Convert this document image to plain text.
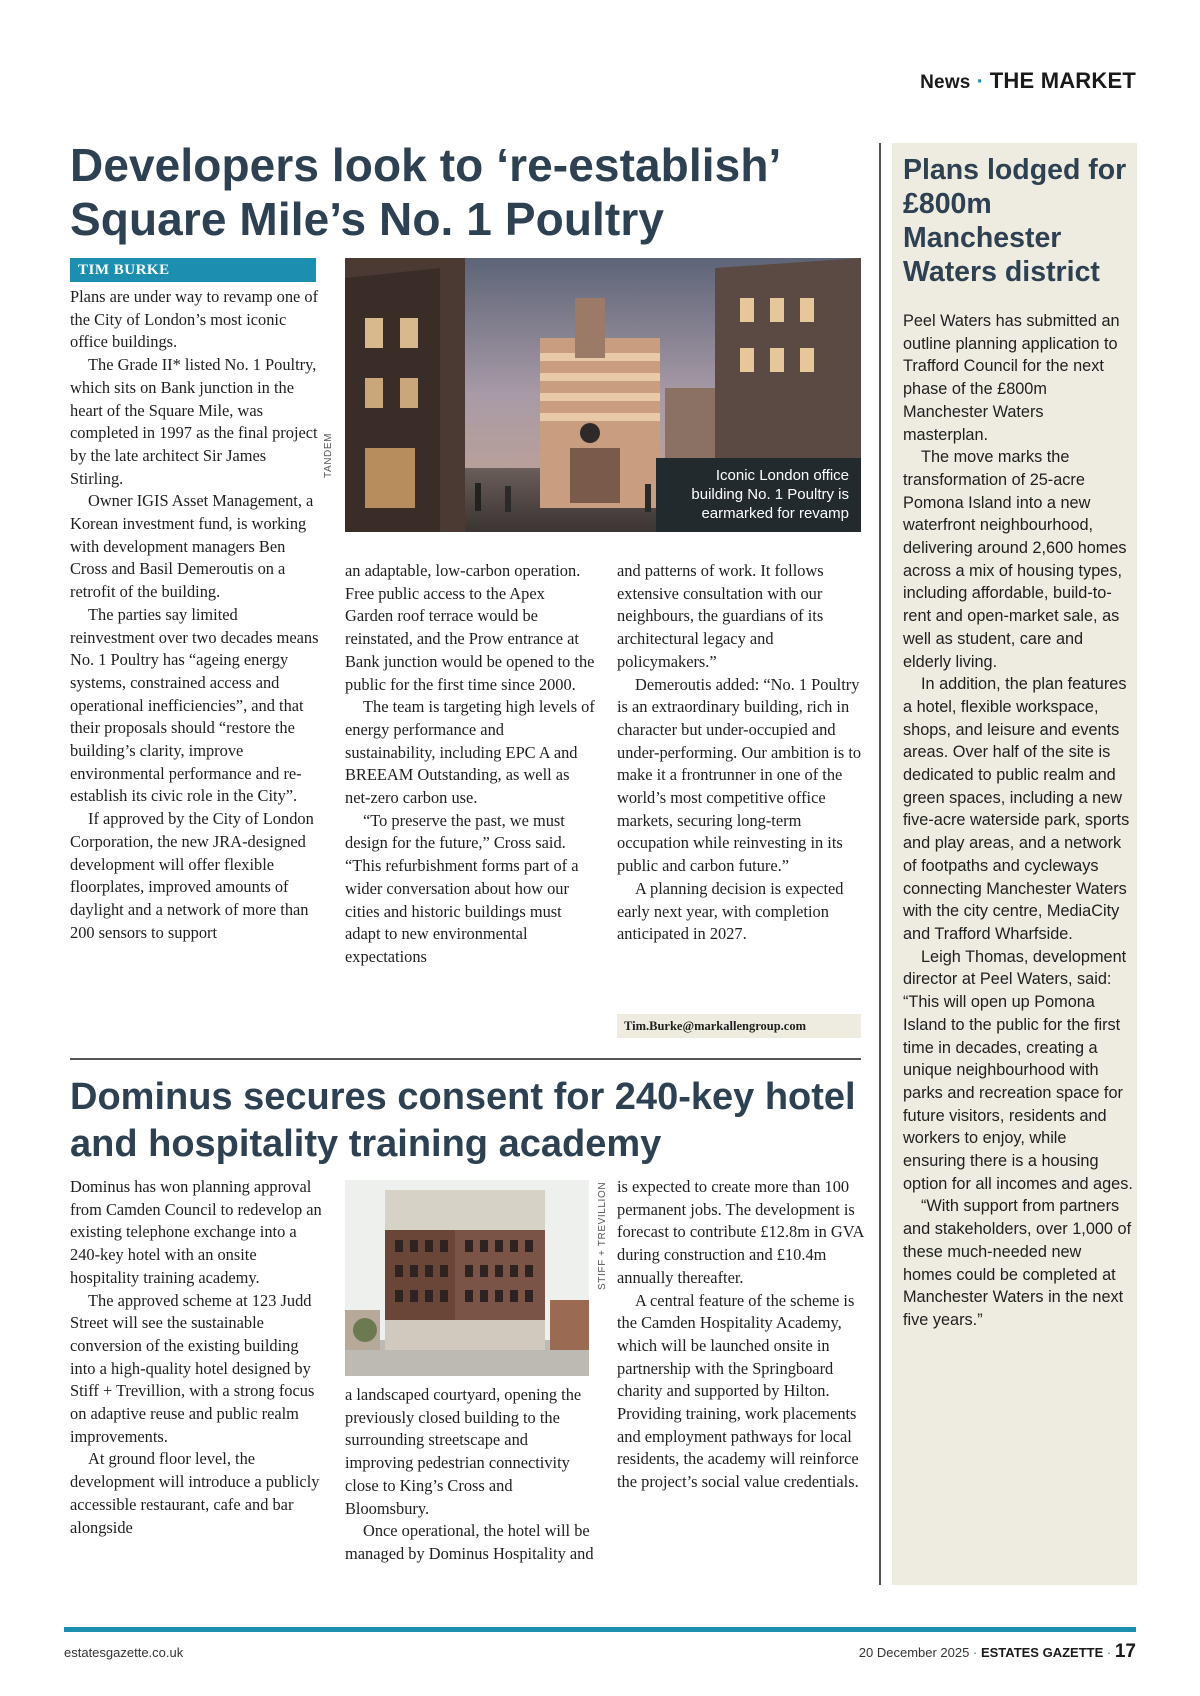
News · THE MARKET
Developers look to ‘re-establish’ Square Mile’s No. 1 Poultry
TIM BURKE

Plans are under way to revamp one of the City of London’s most iconic office buildings.

The Grade II* listed No. 1 Poultry, which sits on Bank junction in the heart of the Square Mile, was completed in 1997 as the final project by the late architect Sir James Stirling.

Owner IGIS Asset Management, a Korean investment fund, is working with development managers Ben Cross and Basil Demeroutis on a retrofit of the building.

The parties say limited reinvestment over two decades means No. 1 Poultry has “ageing energy systems, constrained access and operational inefficiencies”, and that their proposals should “restore the building’s clarity, improve environmental performance and re-establish its civic role in the City”.

If approved by the City of London Corporation, the new JRA-designed development will offer flexible floorplates, improved amounts of daylight and a network of more than 200 sensors to support

TANDEM	Iconic London office building No. 1 Poultry is earmarked for revamp

an adaptable, low-carbon operation. Free public access to the Apex Garden roof terrace would be reinstated, and the Prow entrance at Bank junction would be opened to the public for the first time since 2000.

The team is targeting high levels of energy performance and sustainability, including EPC A and BREEAM Outstanding, as well as net-zero carbon use.

“To preserve the past, we must design for the future,” Cross said. “This refurbishment forms part of a wider conversation about how our cities and historic buildings must adapt to new environmental expectations

and patterns of work. It follows extensive consultation with our neighbours, the guardians of its architectural legacy and policymakers.”

Demeroutis added: “No. 1 Poultry is an extraordinary building, rich in character but under-occupied and under-performing. Our ambition is to make it a frontrunner in one of the world’s most competitive office markets, securing long-term occupation while reinvesting in its public and carbon future.”

A planning decision is expected early next year, with completion anticipated in 2027.

Tim.Burke@markallengroup.com
Dominus secures consent for 240-key hotel and hospitality training academy

Dominus has won planning approval from Camden Council to redevelop an existing telephone exchange into a 240-key hotel with an onsite hospitality training academy.

The approved scheme at 123 Judd Street will see the sustainable conversion of the existing building into a high-quality hotel designed by Stiff + Trevillion, with a strong focus on adaptive reuse and public realm improvements.

At ground floor level, the development will introduce a publicly accessible restaurant, cafe and bar alongside

STIFF + TREVILLION

a landscaped courtyard, opening the previously closed building to the surrounding streetscape and improving pedestrian connectivity close to King’s Cross and Bloomsbury.

Once operational, the hotel will be managed by Dominus Hospitality and

is expected to create more than 100 permanent jobs. The development is forecast to contribute £12.8m in GVA during construction and £10.4m annually thereafter.

A central feature of the scheme is the Camden Hospitality Academy, which will be launched onsite in partnership with the Springboard charity and supported by Hilton. Providing training, work placements and employment pathways for local residents, the academy will reinforce the project’s social value credentials.

Plans lodged for £800m Manchester Waters district

Peel Waters has submitted an outline planning application to Trafford Council for the next phase of the £800m Manchester Waters masterplan.

The move marks the transformation of 25-acre Pomona Island into a new waterfront neighbourhood, delivering around 2,600 homes across a mix of housing types, including affordable, build-to-rent and open-market sale, as well as student, care and elderly living.

In addition, the plan features a hotel, flexible workspace, shops, and leisure and events areas. Over half of the site is dedicated to public realm and green spaces, including a new five-acre waterside park, sports and play areas, and a network of footpaths and cycleways connecting Manchester Waters with the city centre, MediaCity and Trafford Wharfside.

Leigh Thomas, development director at Peel Waters, said: “This will open up Pomona Island to the public for the first time in decades, creating a unique neighbourhood with parks and recreation space for future visitors, residents and workers to enjoy, while ensuring there is a housing option for all incomes and ages.

“With support from partners and stakeholders, over 1,000 of these much-needed new homes could be completed at Manchester Waters in the next five years.”

estatesgazette.co.uk	20 December 2025 · ESTATES GAZETTE · 17
